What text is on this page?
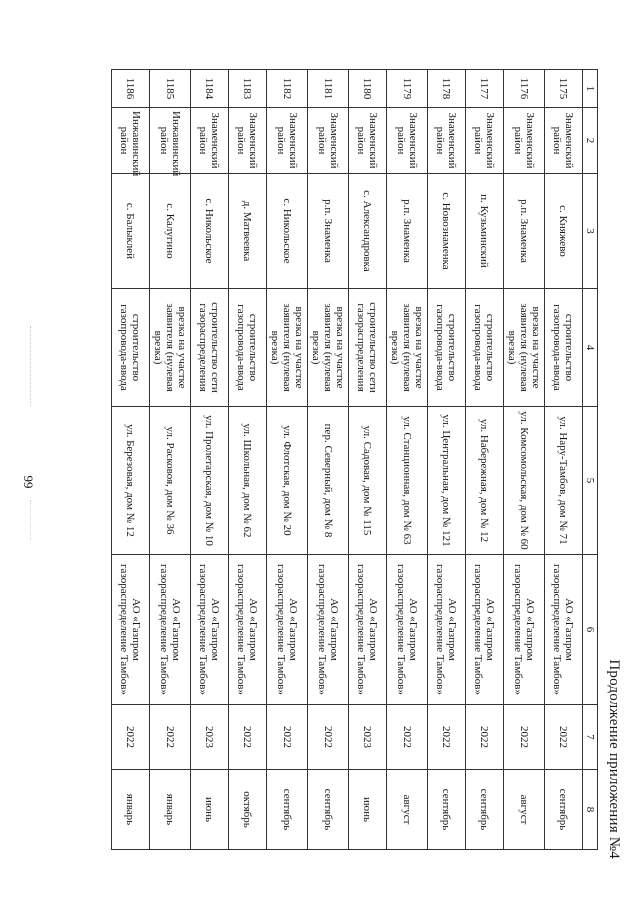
99
Продолжение приложения №4
1	2	3	4	5	6	7	8
1175	Знаменский район	с. Княжево	строительство газопровода-ввода	ул. Нару-Тамбов, дом № 71	АО «Газпром газораспределение Тамбов»	2022	сентябрь
1176	Знаменский район	р.п. Знаменка	врезка на участке заявителя (нулевая врезка)	ул. Комсомольская, дом № 60	АО «Газпром газораспределение Тамбов»	2022	август
1177	Знаменский район	п. Кузьминский	строительство газопровода-ввода	ул. Набережная, дом № 12	АО «Газпром газораспределение Тамбов»	2022	сентябрь
1178	Знаменский район	с. Новознаменка	строительство газопровода-ввода	ул. Центральная, дом № 121	АО «Газпром газораспределение Тамбов»	2022	сентябрь
1179	Знаменский район	р.п. Знаменка	врезка на участке заявителя (нулевая врезка)	ул. Станционная, дом № 63	АО «Газпром газораспределение Тамбов»	2022	август
1180	Знаменский район	с. Александровка	строительство сети газораспределения	ул. Садовая, дом № 115	АО «Газпром газораспределение Тамбов»	2023	июнь
1181	Знаменский район	р.п. Знаменка	врезка на участке заявителя (нулевая врезка)	пер. Северный, дом № 8	АО «Газпром газораспределение Тамбов»	2022	сентябрь
1182	Знаменский район	с. Никольское	врезка на участке заявителя (нулевая врезка)	ул. Флотская, дом № 20	АО «Газпром газораспределение Тамбов»	2022	сентябрь
1183	Знаменский район	д. Матвеевка	строительство газопровода-ввода	ул. Школьная, дом № 62	АО «Газпром газораспределение Тамбов»	2022	октябрь
1184	Знаменский район	с. Никольское	строительство сети газораспределения	ул. Пролетарская, дом № 10	АО «Газпром газораспределение Тамбов»	2023	июнь
1185	Инжавинский район	с. Калугино	врезка на участке заявителя (нулевая врезка)	ул. Расковоя, дом № 36	АО «Газпром газораспределение Тамбов»	2022	январь
1186	Инжавинский район	с. Балыклей	строительство газопровода-ввода	ул. Березовая, дом № 12	АО «Газпром газораспределение Тамбов»	2022	январь
